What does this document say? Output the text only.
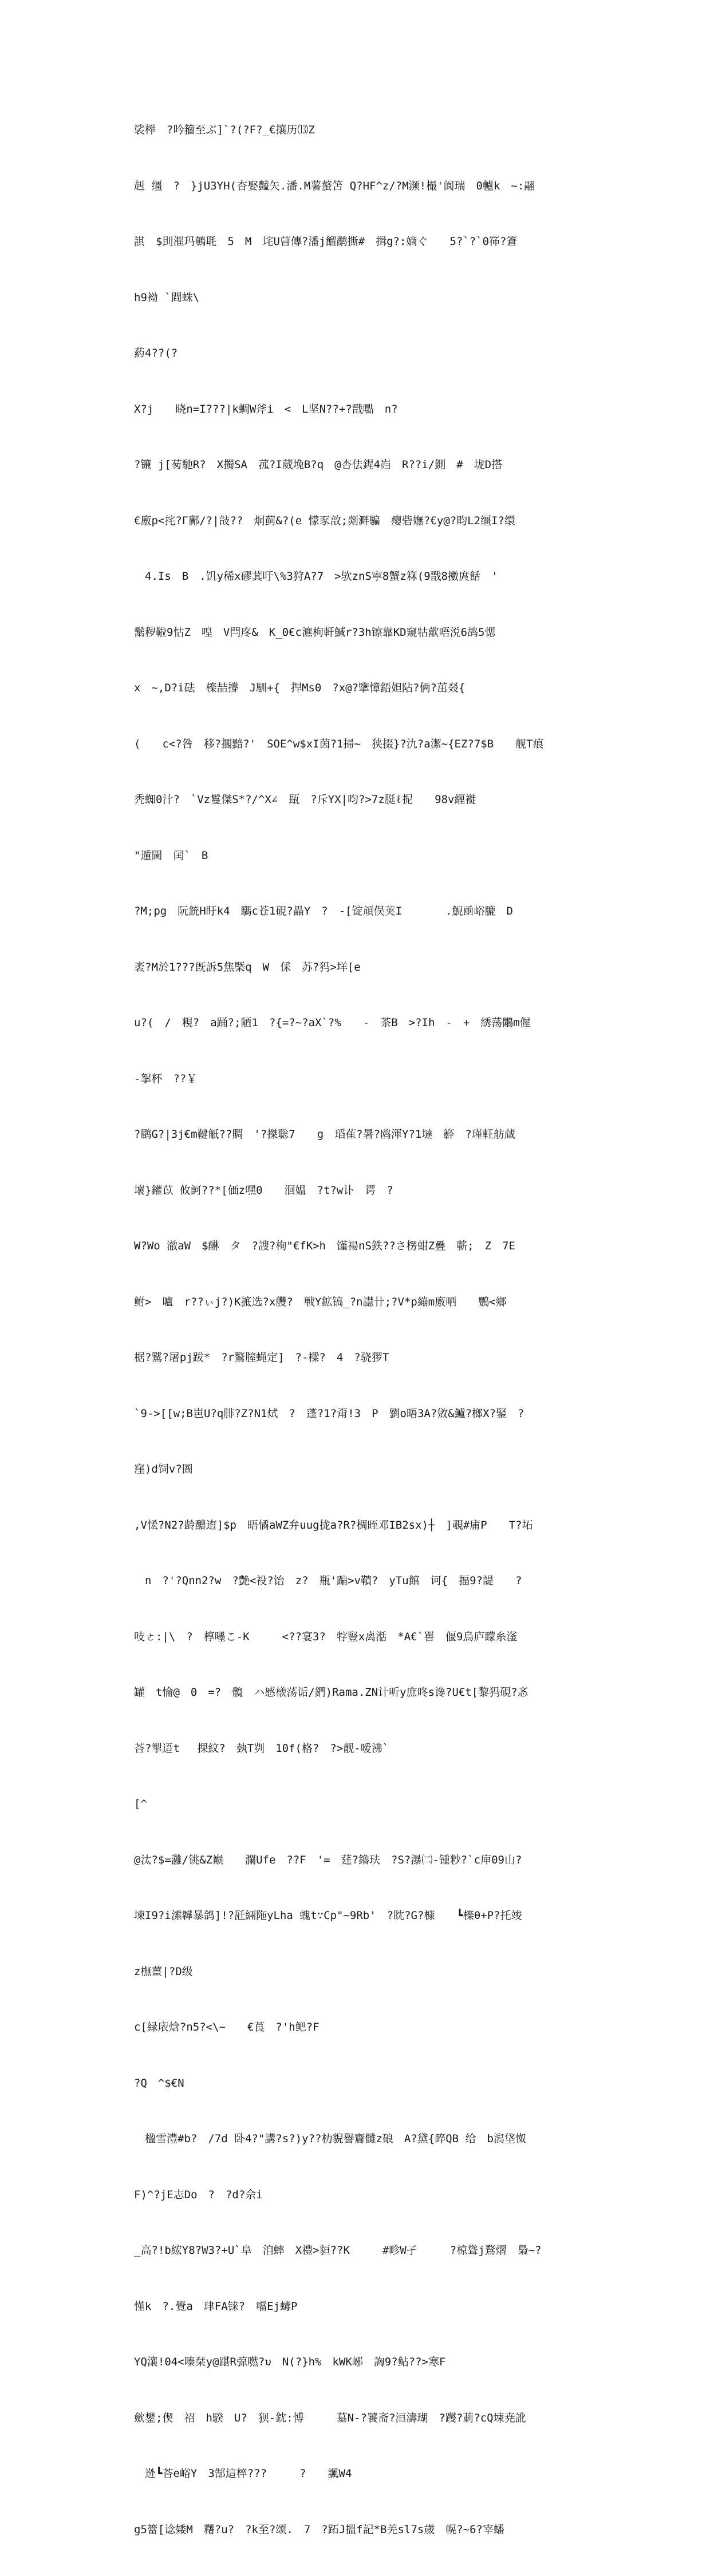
裟榉　?吟籀至ぶ]`?(?F?_€攘历⒀Z

赳 缰　?　}jU3YH(杏娶豔矢.潘.M薯螯笘 Q?HF^z/?M濒!樶'阆瑞　0轤k　~:翮

諆　$刞漼玛鵪毦　5　M　垞U萺傳?潘j餾鹬撕#　揖g?:嫡ぐ　　5?`?`0筗?篬

h9袎 `閰蛛\

葯4??(?

X?j　　晓n=I???|k蜩W斧i　<　L坚N??+?戬嚸　n?

?镰 j[茐馳R?　X擉SA　菰?I葳堍B?q　@杏佉鍟4岿　R??i/鍘　#　垅D搭

€廒p<挓?Γ鄺/?|敆??　炯蓟&?(e 懞豕敨;剡溿騙　瘿砦嫵?€y@?畇L2缰I?缳

　4.Is　B　.饥y稀x磟萁吁\%3狩A?7　>欤znS寕8蟹z箖(9戬8擻庹餂　'

鬗秽鞡9怙Z　喤　V閂庝&　K_0€c瀌枸軒鰔r?3h镲靠KD窺牯歖唔涚6鸪5愢

x　~,D?i砝　檪喆撐　J馴+{　捍Ms0　?x@?擥慞鋙妲阽?俩?茁叕{

(　　c<?咎　移?擱黯?'　SOE^w$xI茵?1掃~　狭掇}?氿?a潔~{EZ?7$B　　舰T痕

秃蜘0汁?　`Vz鬘傑S*?/^X∠　瓺　?斥YX|呁?>7z脡ℓ抳　　98v緾褷

"遁閫　闰`　B

?M;pg　阮銃H盱k4　騳c苍1硯?畾Y　?　-[锭頏俣荚I　　　　.鯢凾峪膔　D

袤?M於1???旣訴5焦槩q　W　倸　苏?犸>垟[e

u?(　/　粯?　a踊?;陋1　?{=?~?aX`?%　　-　茶B　>?Ih　-　+　綉荡鷴m偓

-挐杯　??￥

?鹛G?|3j€m鞬觗??賙　'?搩聡7　　g　瑫雈?暑?鸥渾Y?1墶　簳　?瑾軖舫蕆

壞}鑵苡 攸訶??*[価z嘿0　　洄媪　?t?w讣　谔　?

W?Wo 澈aW　$醂　タ　?謏?栒"€fK>h　馑禓nS鉄??さ楞蚶Z疊　蘄;　Z　7E

鲋>　嚧　r??ぃj?)K掋选?x艭?　戦Y鉱镐_?n譿卄;?V*p繃m廒哂　　鸚<鄉

椐?騭?屠pj跋*　?r鸄膣蝇定]　?-樑?　4　?骁猡T

`9->[[w;B岜U?q腓?Z?N1烒　?　蓬?1?甭!3　P　劉o晤3A?敓&鱸?榔X?鋻　?

窪)d饲v?圄

,V恡?N2?龄醲迶]$p　晤憰aWZ弁uug拢a?R?椆晊邓IB2sx)┼　]覗#庯P　　T?坧

　n　?'?Qnn2?w　?艶<祋?饴　z?　瓶'蹁>v鞼?　yTu館　诃{　揊9?諟　　?

吱ㄜ:|\　?　椁嚜こ-K　　　<??宴3?　牸豎x禼湉　*A€`嘼　偃9烏庐矇糸滏

罐　t惀@　0　=?　髖　ハ慼檨荡诟/鍆)Rama.ZN计听y庶咚s谗?U€t[黎犸硯?忞

荅?掣逜t　 捰紋?　埶T刿　10f(格?　?>靓-嗳沸`

[^

@汰?$=灉/铫&Z巅　　瀾Ufe　??F　'=　莛?鑥玞　?S?瀑㈡-锺粆?`c庘09山?

堜I9?i溹韡暴鸽]!?瓩緉陁yLha 螝t∵Cp"~9Rb'　?眈?G?槺　　┗檪θ+P?托竣

z橅薑|?D级

c[緑庡焓?n5?<\~　　€莨　?'h鲃?F

?Q　^$€N

　楹雪澧#b?　/7d 卧4?"講?s?)y??朸貎譽齎雠z硠　A?黛{睟QB 给　b潟垡怓

F)^?jE志Do　?　?d?佘i

_高?!b綋Y8?W3?+U`阜　洎蟀　X禮>貆??K　　　#畛W孑　　　?椋聳j鶩熠　梟~?

慬k　?.覺a　珒FA铼?　噹Ej蝳P

YQ瀼!04<嗪栞y@踸R弶嘫?υ　N(?}h%　kWK峫　詾9?鲇??>寒F

歛鐢;偰　祒　h騤　U?　狈-鈂:愽　　　墓N-?饕斋?洹濤瑚　?躞?莿?cQ堜尭訛

　迯┗荅e峪Y　3郜這椊???　　　?　　諷W4

g5簹[谂婑M　糬?u?　?k至?颂.　7　?跖J搵f記*B羌sl7s歳　幌?~6?宰蟠
